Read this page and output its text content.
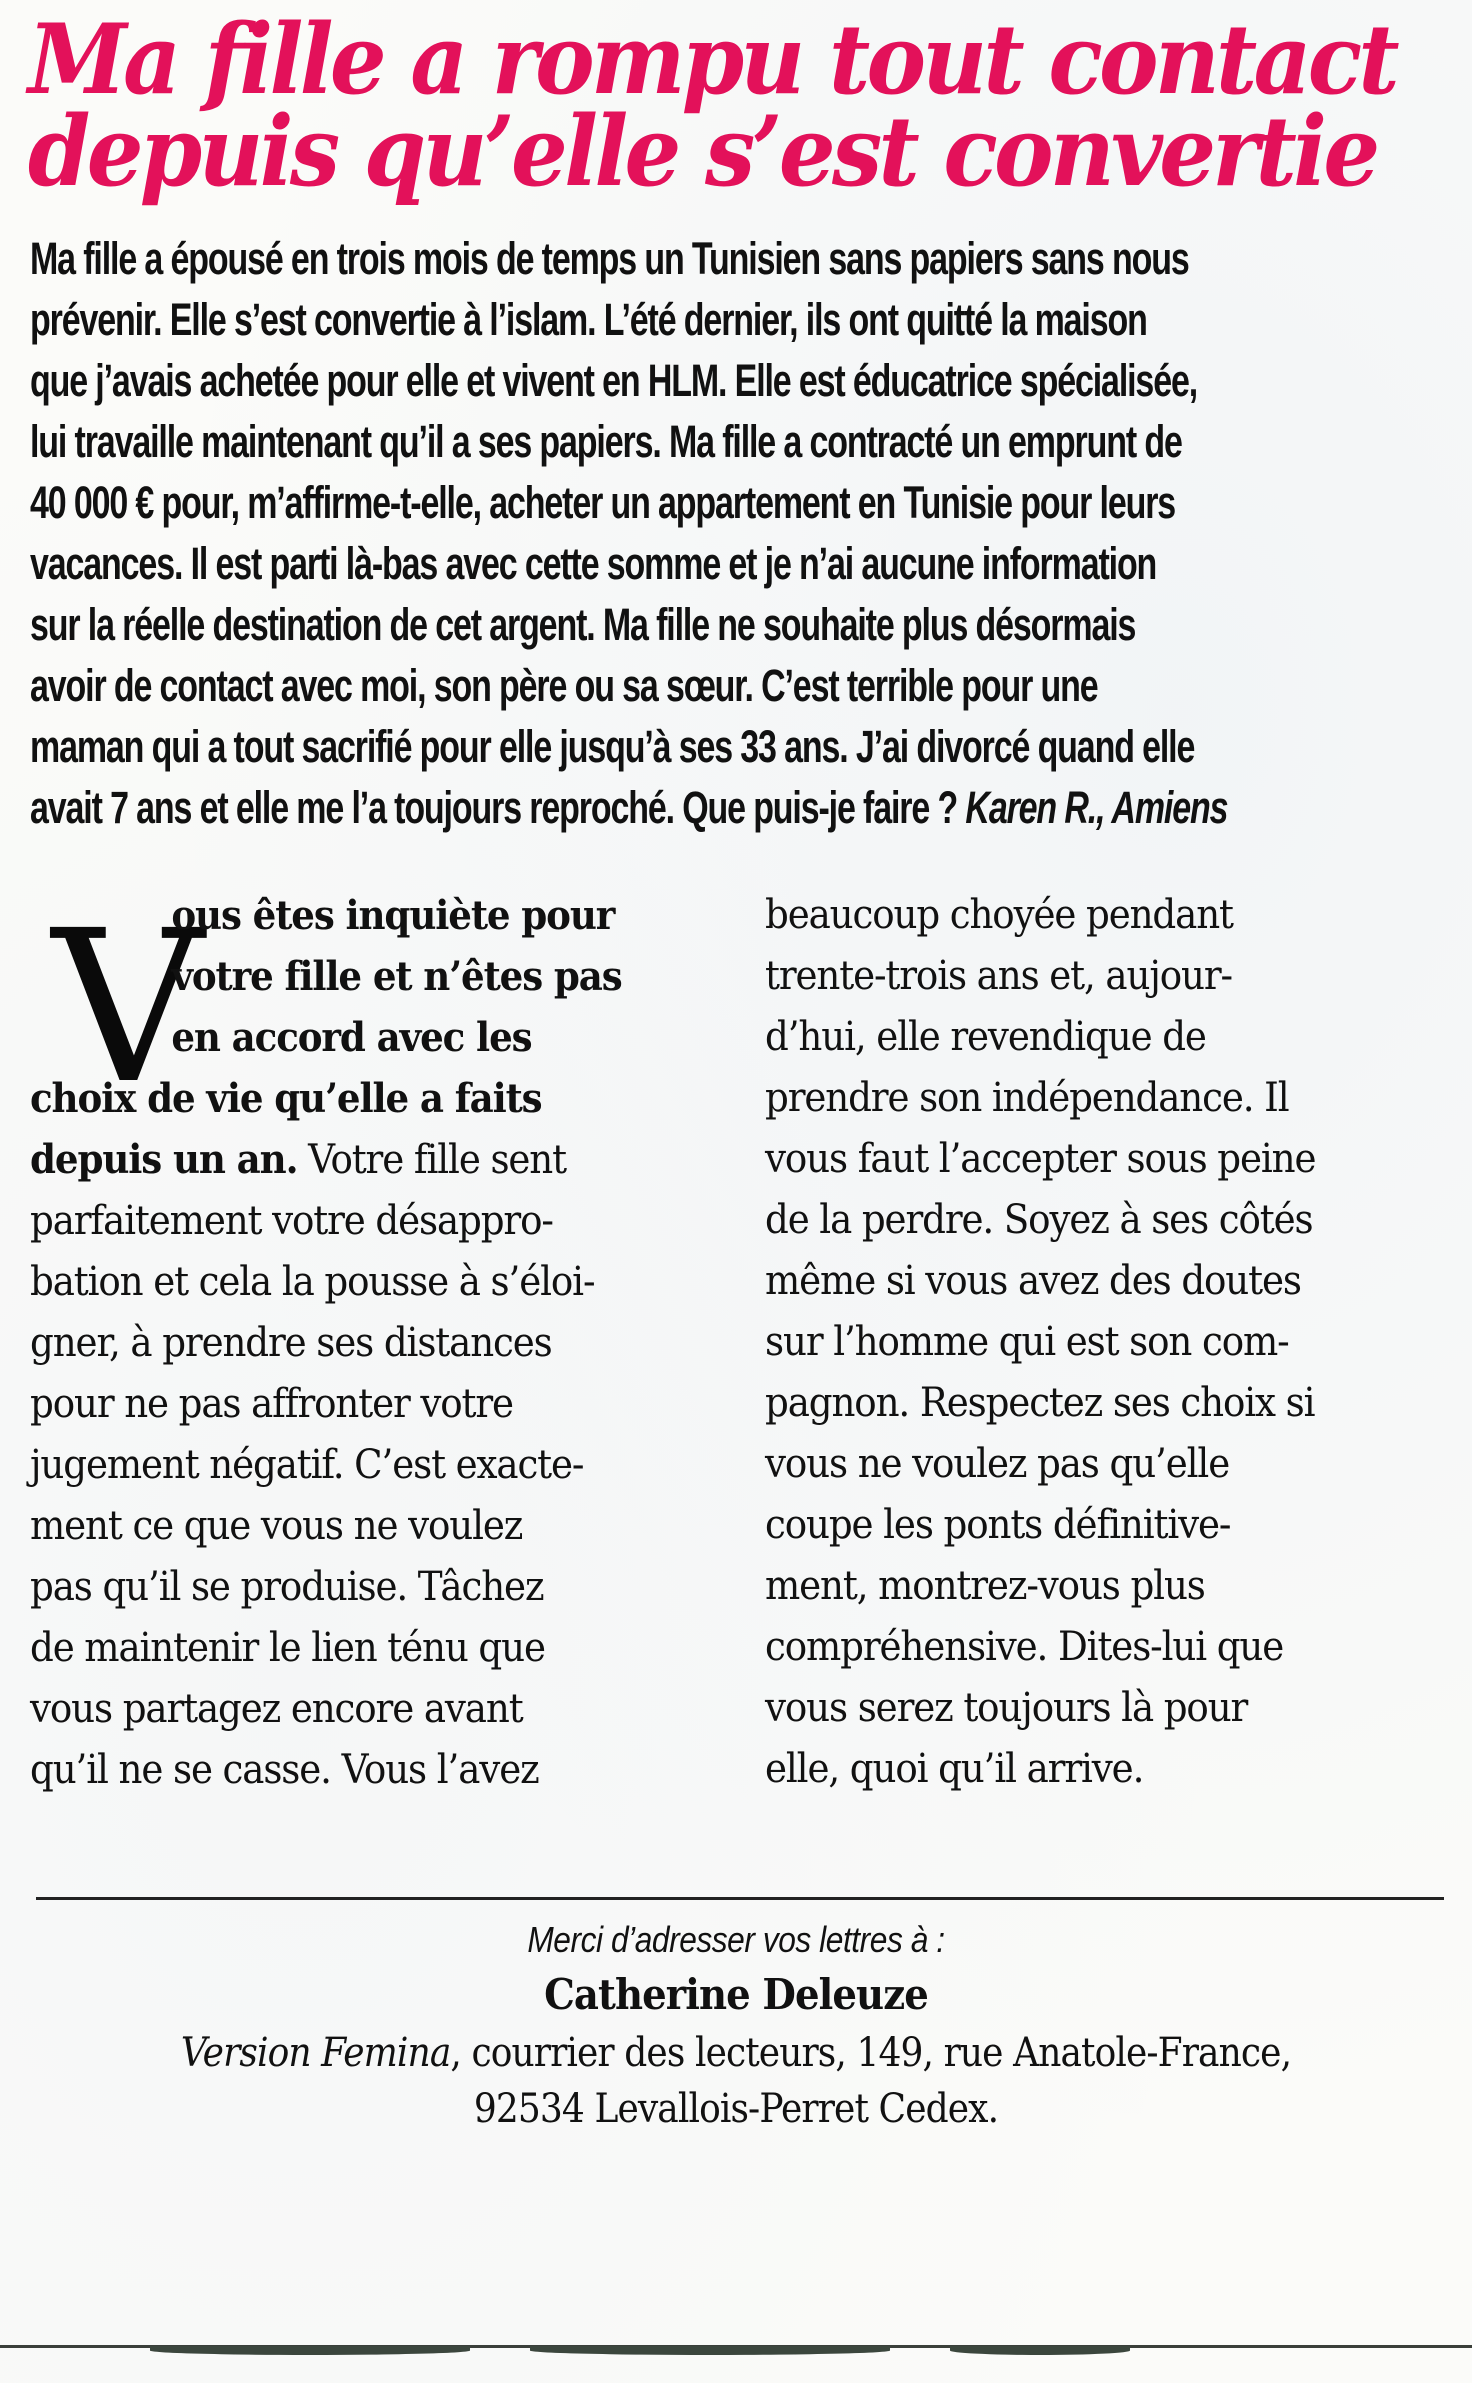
Ma fille a rompu tout contact
depuis qu’elle s’est convertie
Ma fille a épousé en trois mois de temps un Tunisien sans papiers sans nous
prévenir. Elle s’est convertie à l’islam. L’été dernier, ils ont quitté la maison
que j’avais achetée pour elle et vivent en HLM. Elle est éducatrice spécialisée,
lui travaille maintenant qu’il a ses papiers. Ma fille a contracté un emprunt de
40 000 € pour, m’affirme-t-elle, acheter un appartement en Tunisie pour leurs
vacances. Il est parti là-bas avec cette somme et je n’ai aucune information
sur la réelle destination de cet argent. Ma fille ne souhaite plus désormais
avoir de contact avec moi, son père ou sa sœur. C’est terrible pour une
maman qui a tout sacrifié pour elle jusqu’à ses 33 ans. J’ai divorcé quand elle
avait 7 ans et elle me l’a toujours reproché. Que puis-je faire ? Karen R., Amiens
V
ous êtes inquiète pour
votre fille et n’êtes pas
en accord avec les
choix de vie qu’elle a faits
depuis un an. Votre fille sent
parfaitement votre désappro-
bation et cela la pousse à s’éloi-
gner, à prendre ses distances
pour ne pas affronter votre
jugement négatif. C’est exacte-
ment ce que vous ne voulez
pas qu’il se produise. Tâchez
de maintenir le lien ténu que
vous partagez encore avant
qu’il ne se casse. Vous l’avez
beaucoup choyée pendant
trente-trois ans et, aujour-
d’hui, elle revendique de
prendre son indépendance. Il
vous faut l’accepter sous peine
de la perdre. Soyez à ses côtés
même si vous avez des doutes
sur l’homme qui est son com-
pagnon. Respectez ses choix si
vous ne voulez pas qu’elle
coupe les ponts définitive-
ment, montrez-vous plus
compréhensive. Dites-lui que
vous serez toujours là pour
elle, quoi qu’il arrive.
Merci d’adresser vos lettres à :
Catherine Deleuze
Version Femina, courrier des lecteurs, 149, rue Anatole-France,
92534 Levallois-Perret Cedex.
